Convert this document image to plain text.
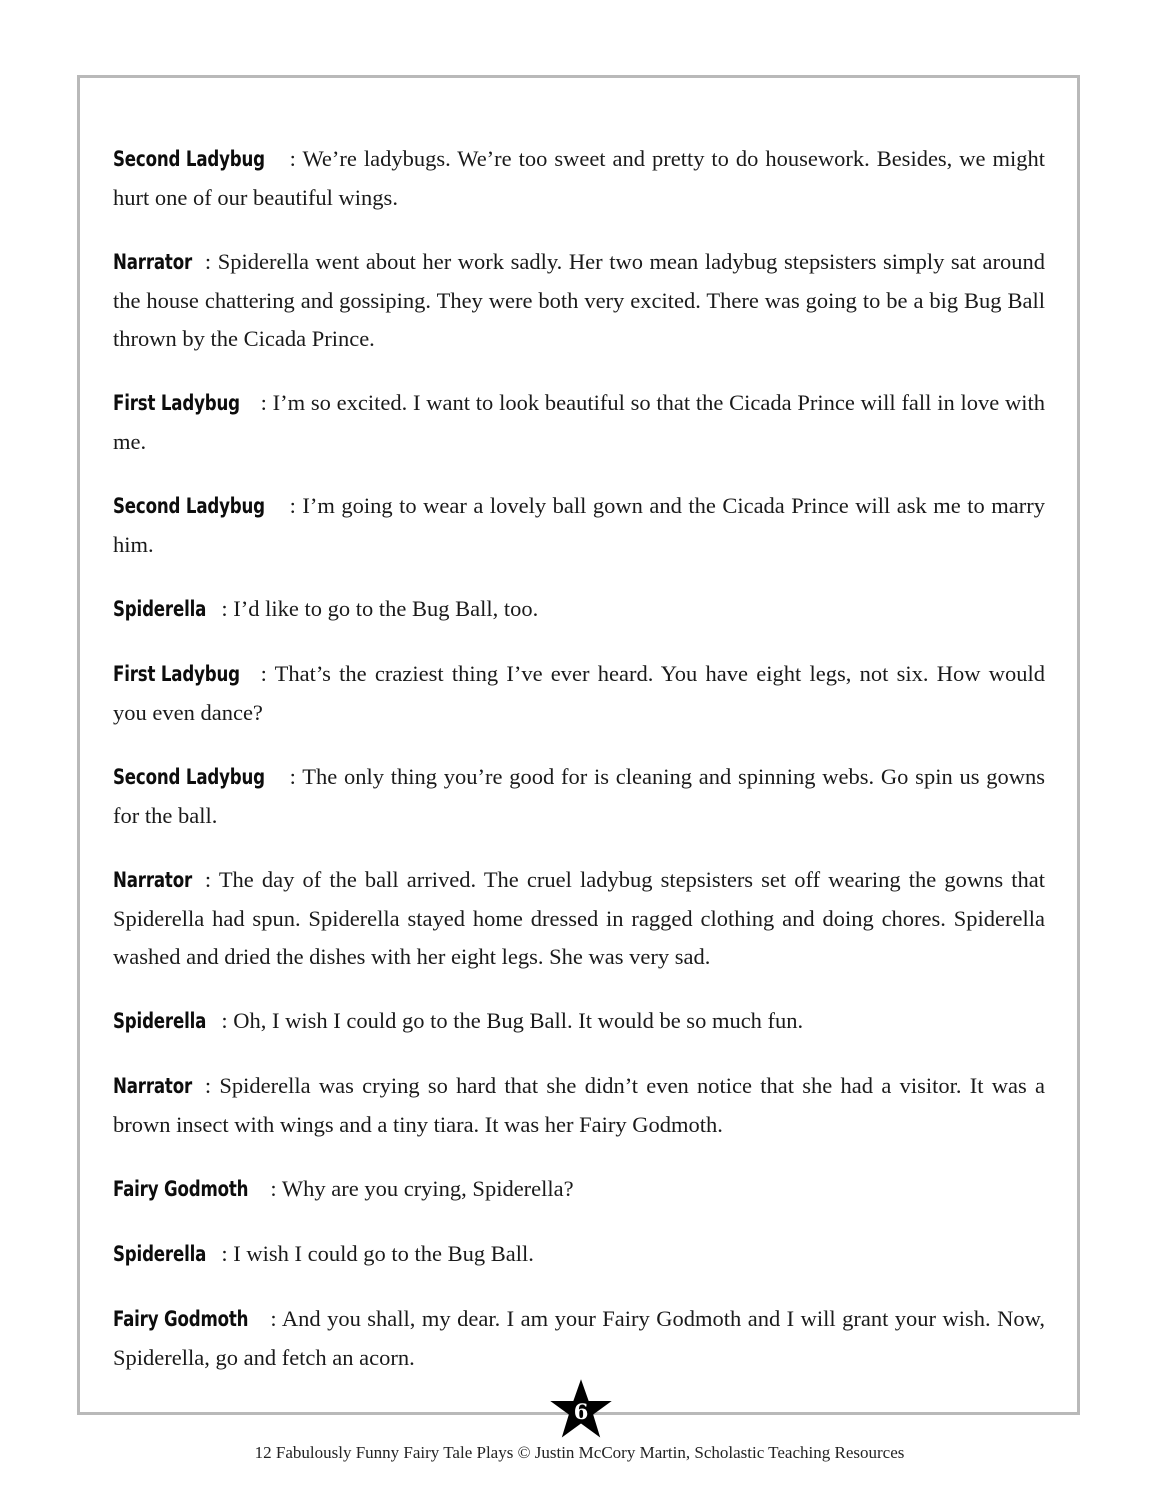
Second Ladybug : We’re ladybugs. We’re too sweet and pretty to do housework. Besides, we might hurt one of our beautiful wings.

Narrator : Spiderella went about her work sadly. Her two mean ladybug stepsisters simply sat around the house chattering and gossiping. They were both very excited. There was going to be a big Bug Ball thrown by the Cicada Prince.

First Ladybug : I’m so excited. I want to look beautiful so that the Cicada Prince will fall in love with me.

Second Ladybug : I’m going to wear a lovely ball gown and the Cicada Prince will ask me to marry him.

Spiderella : I’d like to go to the Bug Ball, too.

First Ladybug : That’s the craziest thing I’ve ever heard. You have eight legs, not six. How would you even dance?

Second Ladybug : The only thing you’re good for is cleaning and spinning webs. Go spin us gowns for the ball.

Narrator : The day of the ball arrived. The cruel ladybug stepsisters set off wearing the gowns that Spiderella had spun. Spiderella stayed home dressed in ragged clothing and doing chores. Spiderella washed and dried the dishes with her eight legs. She was very sad.

Spiderella : Oh, I wish I could go to the Bug Ball. It would be so much fun.

Narrator : Spiderella was crying so hard that she didn’t even notice that she had a visitor. It was a brown insect with wings and a tiny tiara. It was her Fairy Godmoth.

Fairy Godmoth : Why are you crying, Spiderella?

Spiderella : I wish I could go to the Bug Ball.

Fairy Godmoth : And you shall, my dear. I am your Fairy Godmoth and I will grant your wish. Now, Spiderella, go and fetch an acorn.

6
12 Fabulously Funny Fairy Tale Plays © Justin McCory Martin, Scholastic Teaching Resources
